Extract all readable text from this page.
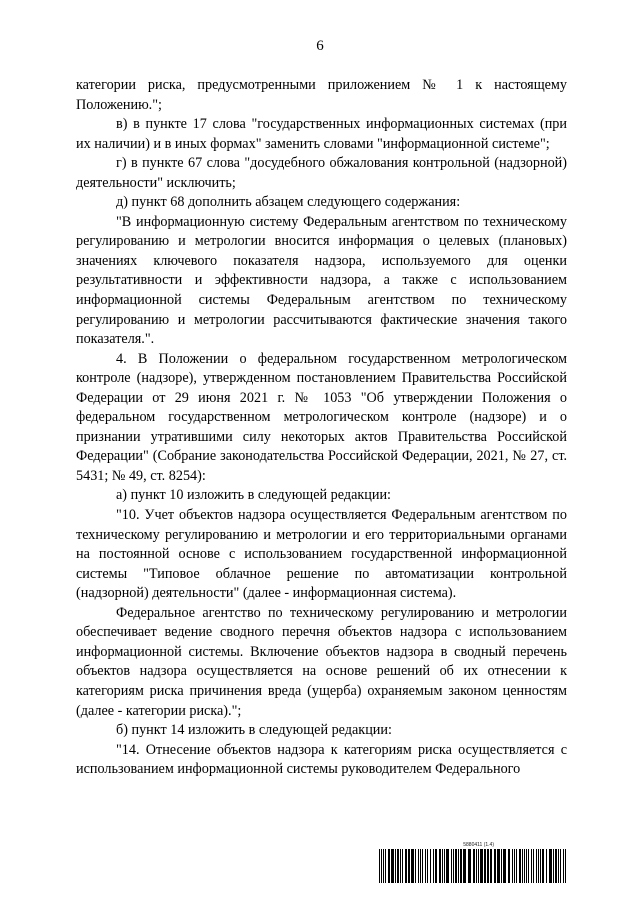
6

категории риска, предусмотренными приложением № 1 к настоящему Положению.";

в) в пункте 17 слова "государственных информационных системах (при их наличии) и в иных формах" заменить словами "информационной системе";

г) в пункте 67 слова "досудебного обжалования контрольной (надзорной) деятельности" исключить;

д) пункт 68 дополнить абзацем следующего содержания:

"В информационную систему Федеральным агентством по техническому регулированию и метрологии вносится информация о целевых (плановых) значениях ключевого показателя надзора, используемого для оценки результативности и эффективности надзора, а также с использованием информационной системы Федеральным агентством по техническому регулированию и метрологии рассчитываются фактические значения такого показателя.".

4. В Положении о федеральном государственном метрологическом контроле (надзоре), утвержденном постановлением Правительства Российской Федерации от 29 июня 2021 г. № 1053 "Об утверждении Положения о федеральном государственном метрологическом контроле (надзоре) и о признании утратившими силу некоторых актов Правительства Российской Федерации" (Собрание законодательства Российской Федерации, 2021, № 27, ст. 5431; № 49, ст. 8254):

а) пункт 10 изложить в следующей редакции:

"10. Учет объектов надзора осуществляется Федеральным агентством по техническому регулированию и метрологии и его территориальными органами на постоянной основе с использованием государственной информационной системы "Типовое облачное решение по автоматизации контрольной (надзорной) деятельности" (далее - информационная система).

Федеральное агентство по техническому регулированию и метрологии обеспечивает ведение сводного перечня объектов надзора с использованием информационной системы. Включение объектов надзора в сводный перечень объектов надзора осуществляется на основе решений об их отнесении к категориям риска причинения вреда (ущерба) охраняемым законом ценностям (далее - категории риска).";

б) пункт 14 изложить в следующей редакции:

"14. Отнесение объектов надзора к категориям риска осуществляется с использованием информационной системы руководителем Федерального

5880411 (1.4)
